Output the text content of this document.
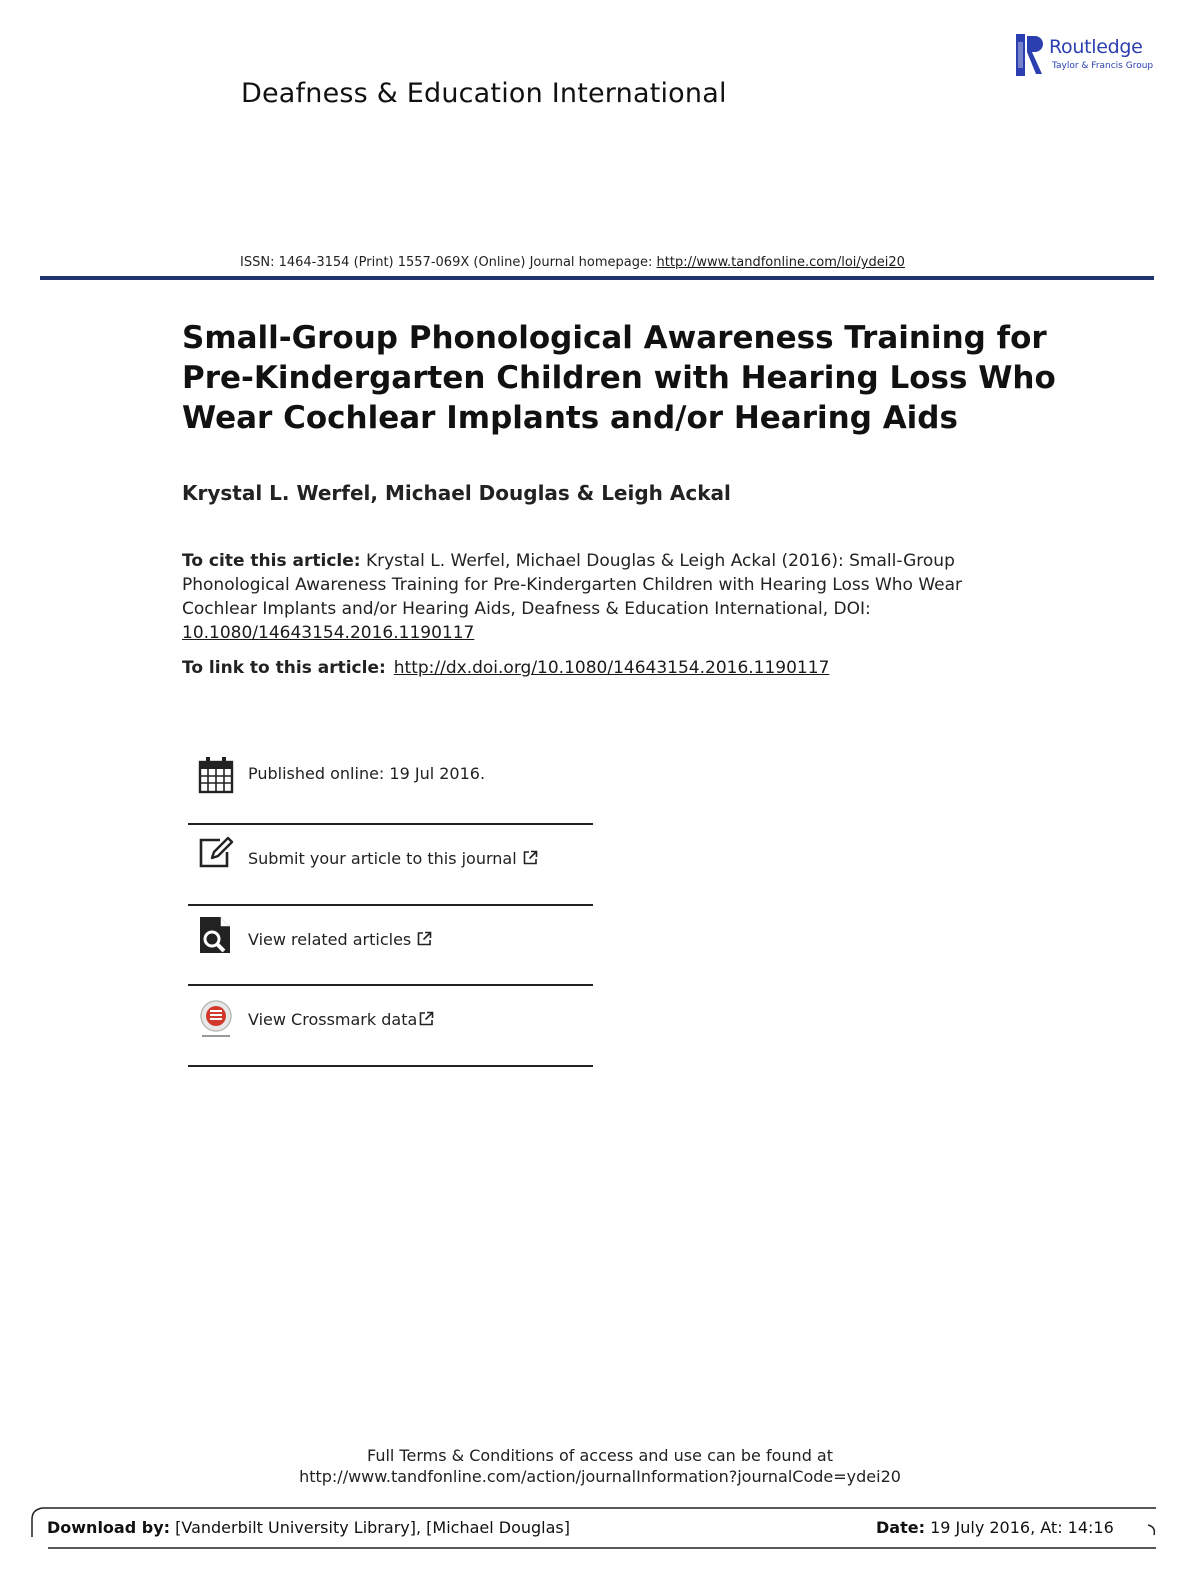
Routledge
Taylor & Francis Group
Deafness & Education International
ISSN: 1464-3154 (Print) 1557-069X (Online) Journal homepage: http://www.tandfonline.com/loi/ydei20
Small-Group Phonological Awareness Training for Pre-Kindergarten Children with Hearing Loss Who Wear Cochlear Implants and/or Hearing Aids
Krystal L. Werfel, Michael Douglas & Leigh Ackal
To cite this article: Krystal L. Werfel, Michael Douglas & Leigh Ackal (2016): Small-Group Phonological Awareness Training for Pre-Kindergarten Children with Hearing Loss Who Wear Cochlear Implants and/or Hearing Aids, Deafness & Education International, DOI:
10.1080/14643154.2016.1190117
To link to this article: http://dx.doi.org/10.1080/14643154.2016.1190117
Published online: 19 Jul 2016.
Submit your article to this journal
View related articles
View Crossmark data
Full Terms & Conditions of access and use can be found at
http://www.tandfonline.com/action/journalInformation?journalCode=ydei20
Download by: [Vanderbilt University Library], [Michael Douglas]	Date: 19 July 2016, At: 14:16
